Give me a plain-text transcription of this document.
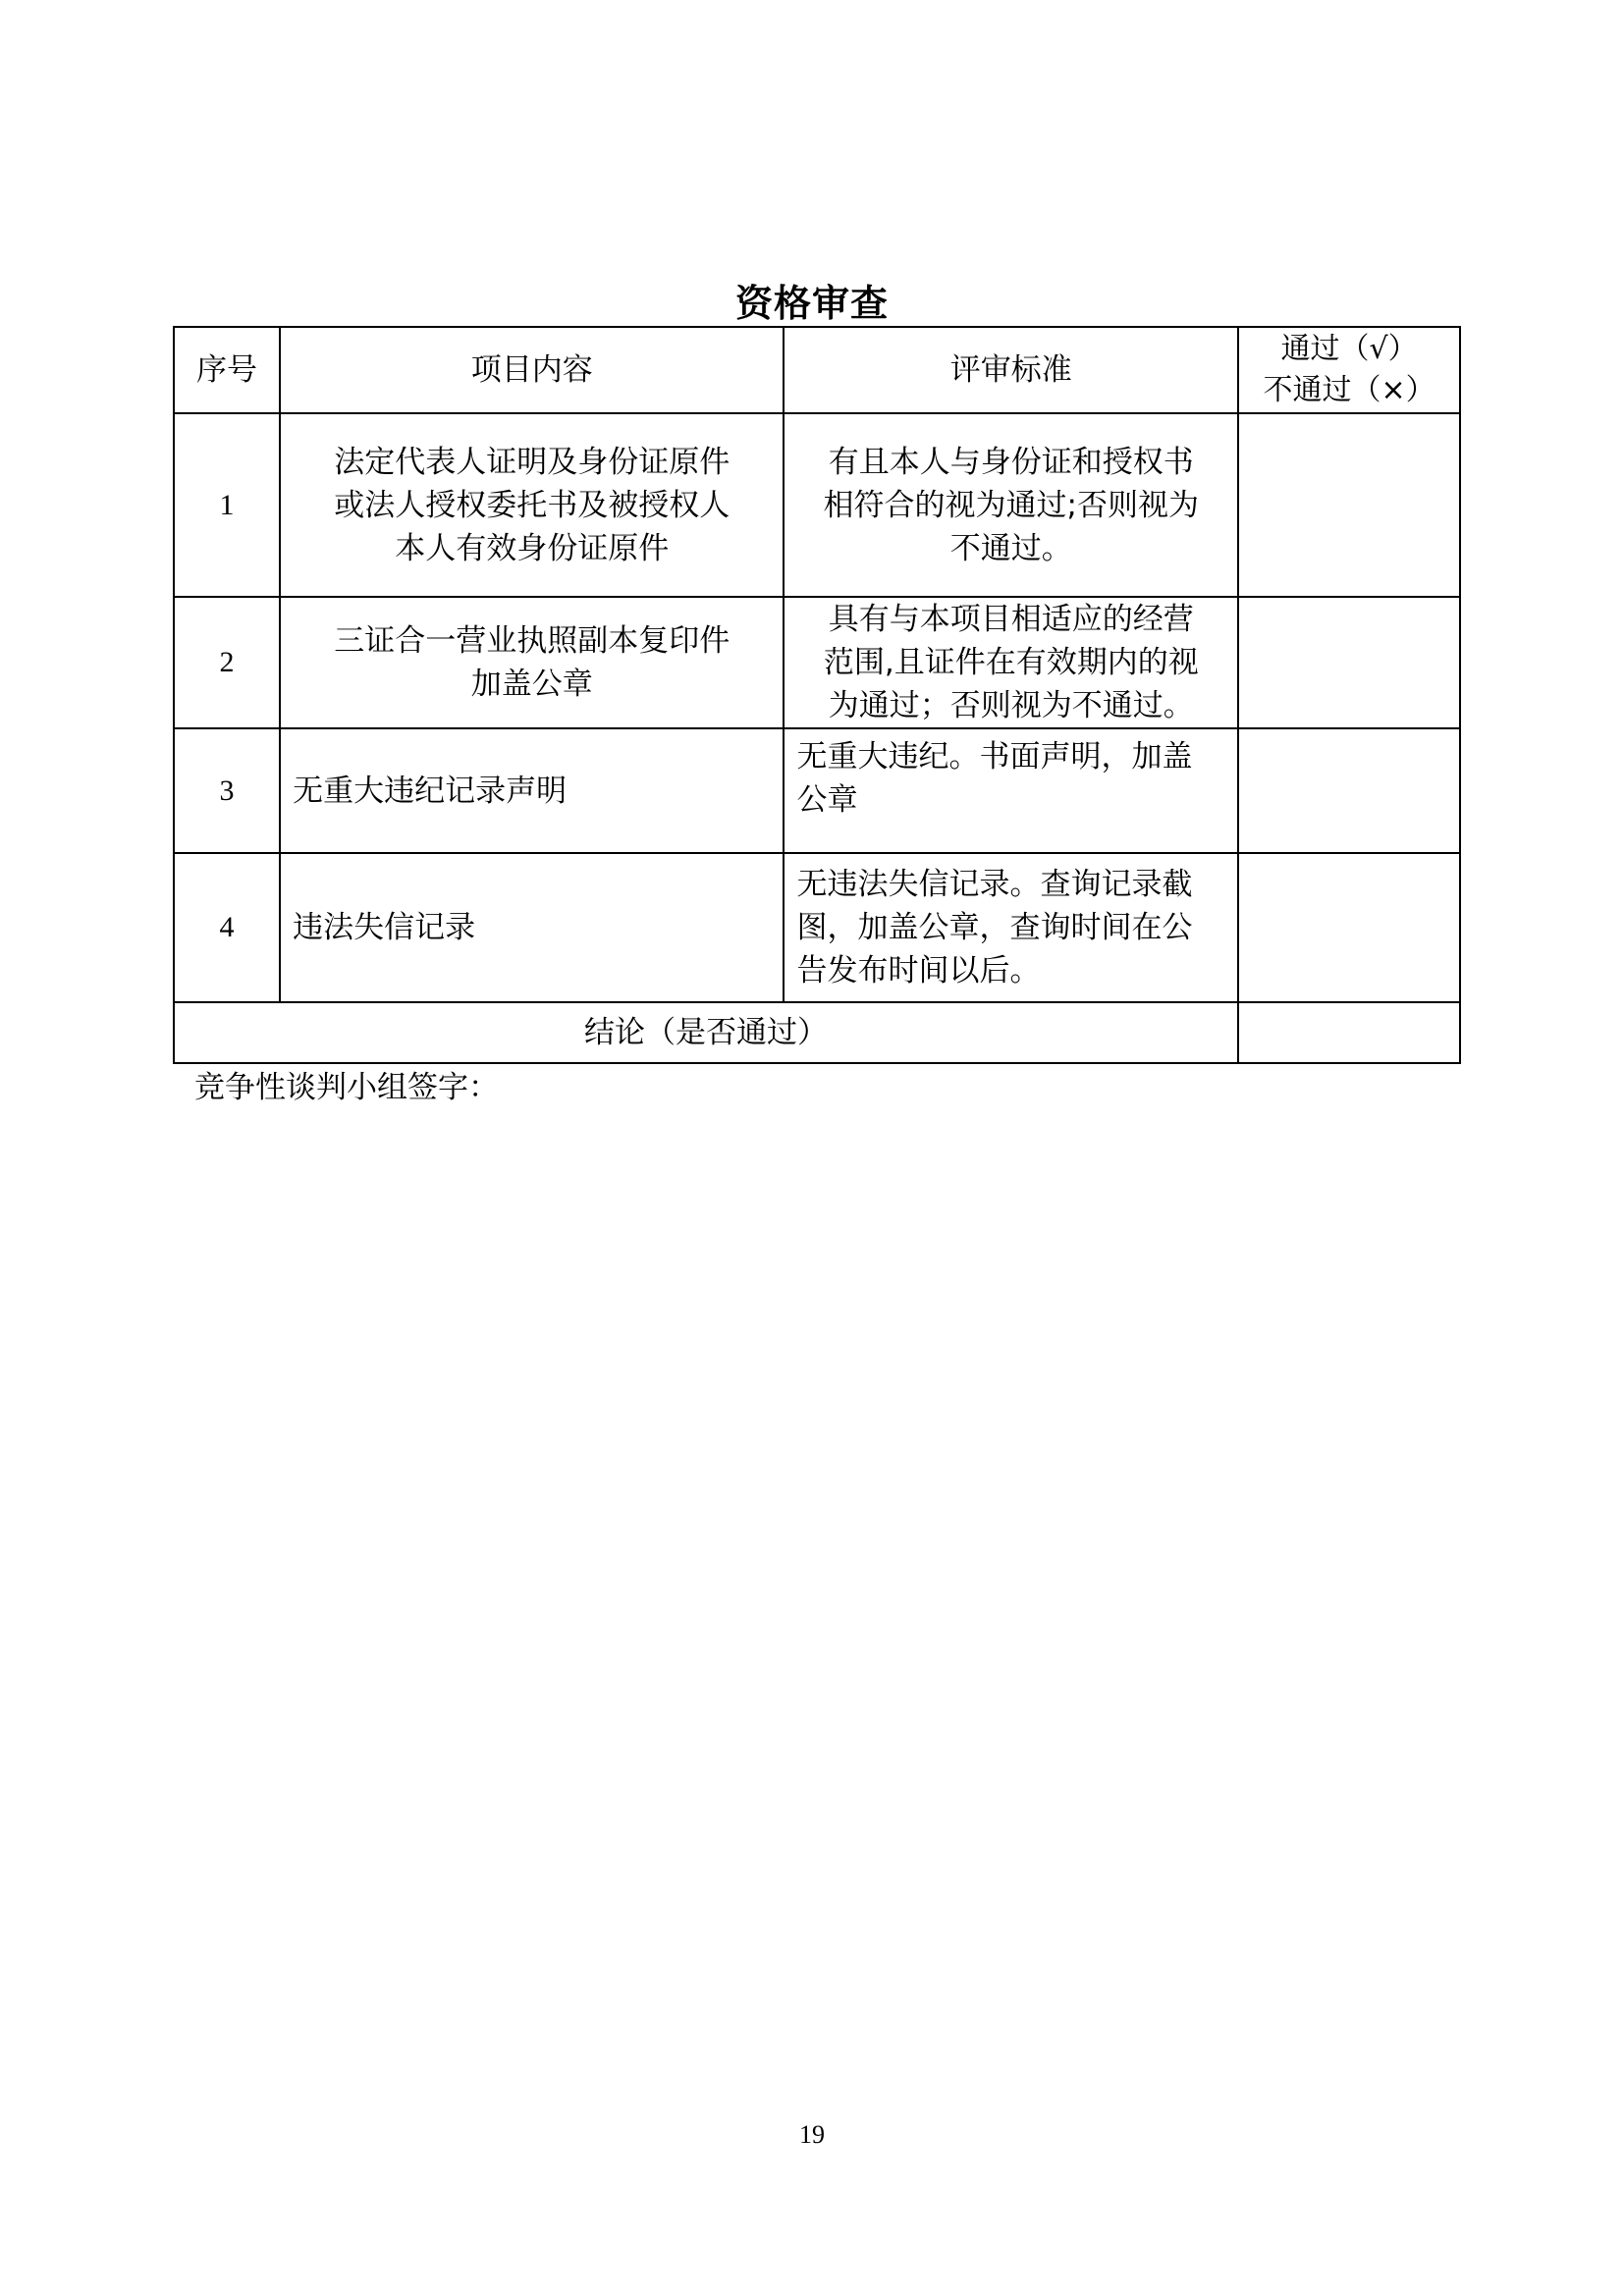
资格审查
序号	项目内容	评审标准	通过（√）
不通过（×）

1	法定代表人证明及身份证原件
或法人授权委托书及被授权人
本人有效身份证原件	有且本人与身份证和授权书
相符合的视为通过;否则视为
不通过。	

2	三证合一营业执照副本复印件
加盖公章	具有与本项目相适应的经营
范围,且证件在有效期内的视
为通过；否则视为不通过。	

3	无重大违纪记录声明	无重大违纪。书面声明，加盖
公章	

4	违法失信记录	无违法失信记录。查询记录截
图，加盖公章，查询时间在公
告发布时间以后。	

结论（是否通过）			
竞争性谈判小组签字：
19
